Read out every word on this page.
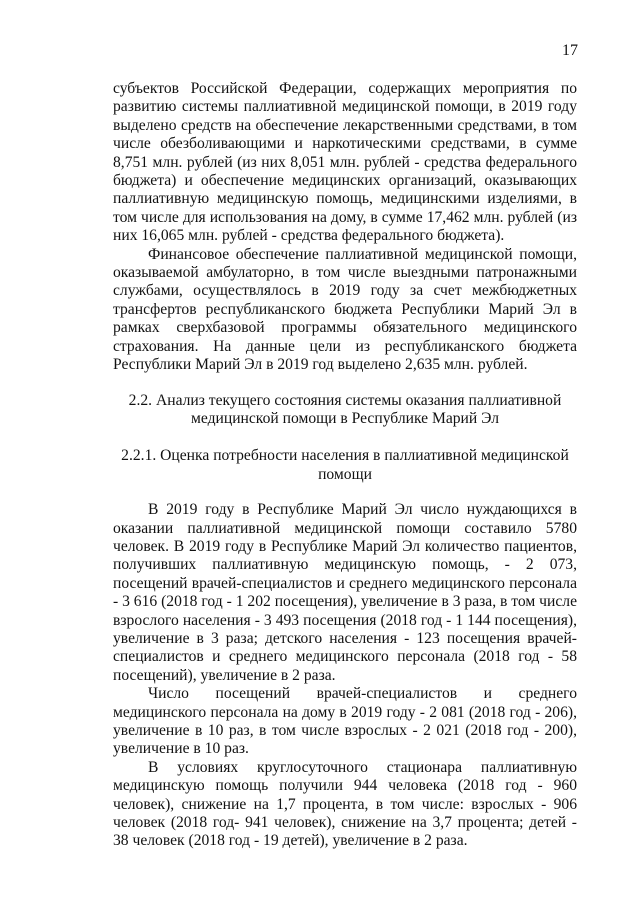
17

субъектов Российской Федерации, содержащих мероприятия по развитию системы паллиативной медицинской помощи, в 2019 году выделено средств на обеспечение лекарственными средствами, в том числе обезболивающими и наркотическими средствами, в сумме 8,751 млн. рублей (из них 8,051 млн. рублей - средства федерального бюджета) и обеспечение медицинских организаций, оказывающих паллиативную медицинскую помощь, медицинскими изделиями, в том числе для использования на дому, в сумме 17,462 млн. рублей (из них 16,065 млн. рублей - средства федерального бюджета).

Финансовое обеспечение паллиативной медицинской помощи, оказываемой амбулаторно, в том числе выездными патронажными службами, осуществлялось в 2019 году за счет межбюджетных трансфертов республиканского бюджета Республики Марий Эл в рамках сверхбазовой программы обязательного медицинского страхования. На данные цели из республиканского бюджета Республики Марий Эл в 2019 год выделено 2,635 млн. рублей.

2.2. Анализ текущего состояния системы оказания паллиативной медицинской помощи в Республике Марий Эл
2.2.1. Оценка потребности населения в паллиативной медицинской помощи

В 2019 году в Республике Марий Эл число нуждающихся в оказании паллиативной медицинской помощи составило 5780 человек. В 2019 году в Республике Марий Эл количество пациентов, получивших паллиативную медицинскую помощь, - 2 073, посещений врачей-специалистов и среднего медицинского персонала - 3 616 (2018 год - 1 202 посещения), увеличение в 3 раза, в том числе взрослого населения - 3 493 посещения (2018 год - 1 144 посещения), увеличение в 3 раза; детского населения - 123 посещения врачей-специалистов и среднего медицинского персонала (2018 год - 58 посещений), увеличение в 2 раза.

Число посещений врачей-специалистов и среднего медицинского персонала на дому в 2019 году - 2 081 (2018 год - 206), увеличение в 10 раз, в том числе взрослых - 2 021 (2018 год - 200), увеличение в 10 раз.

В условиях круглосуточного стационара паллиативную медицинскую помощь получили 944 человека (2018 год - 960 человек), снижение на 1,7 процента, в том числе: взрослых - 906 человек (2018 год- 941 человек), снижение на 3,7 процента; детей - 38 человек (2018 год - 19 детей), увеличение в 2 раза.
